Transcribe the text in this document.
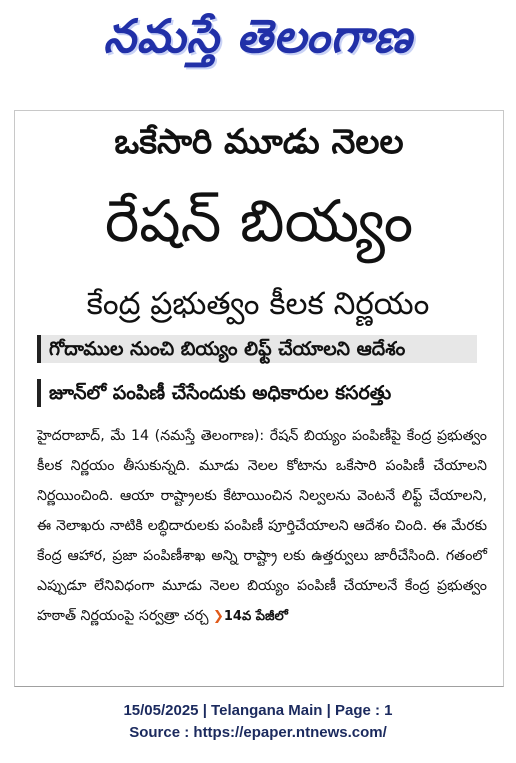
నమస్తే తెలంగాణ
ఒకేసారి మూడు నెలల
రేషన్ బియ్యం
కేంద్ర ప్రభుత్వం కీలక నిర్ణయం
గోదాముల నుంచి బియ్యం లిఫ్ట్ చేయాలని ఆదేశం
జూన్‌లో పంపిణీ చేసేందుకు అధికారుల కసరత్తు
హైదరాబాద్, మే 14 (నమస్తే తెలంగాణ): రేషన్ బియ్యం పంపిణీపై కేంద్ర ప్రభుత్వం కీలక నిర్ణయం తీసుకున్నది. మూడు నెలల కోటాను ఒకేసారి పంపిణీ చేయాలని నిర్ణయించింది. ఆయా రాష్ట్రాలకు కేటాయించిన నిల్వలను వెంటనే లిఫ్ట్ చేయాలని, ఈ నెలాఖరు నాటికి లబ్ధిదారులకు పంపిణీ పూర్తిచేయాలని ఆదేశం చింది. ఈ మేరకు కేంద్ర ఆహార, ప్రజా పంపిణీశాఖ అన్ని రాష్ట్రా లకు ఉత్తర్వులు జారీచేసింది. గతంలో ఎప్పుడూ లేనివిధంగా మూడు నెలల బియ్యం పంపిణీ చేయాలనే కేంద్ర ప్రభుత్వం హఠాత్ నిర్ణయంపై సర్వత్రా చర్చ ❯14వ పేజీలో
15/05/2025 | Telangana Main | Page : 1
Source : https://epaper.ntnews.com/
